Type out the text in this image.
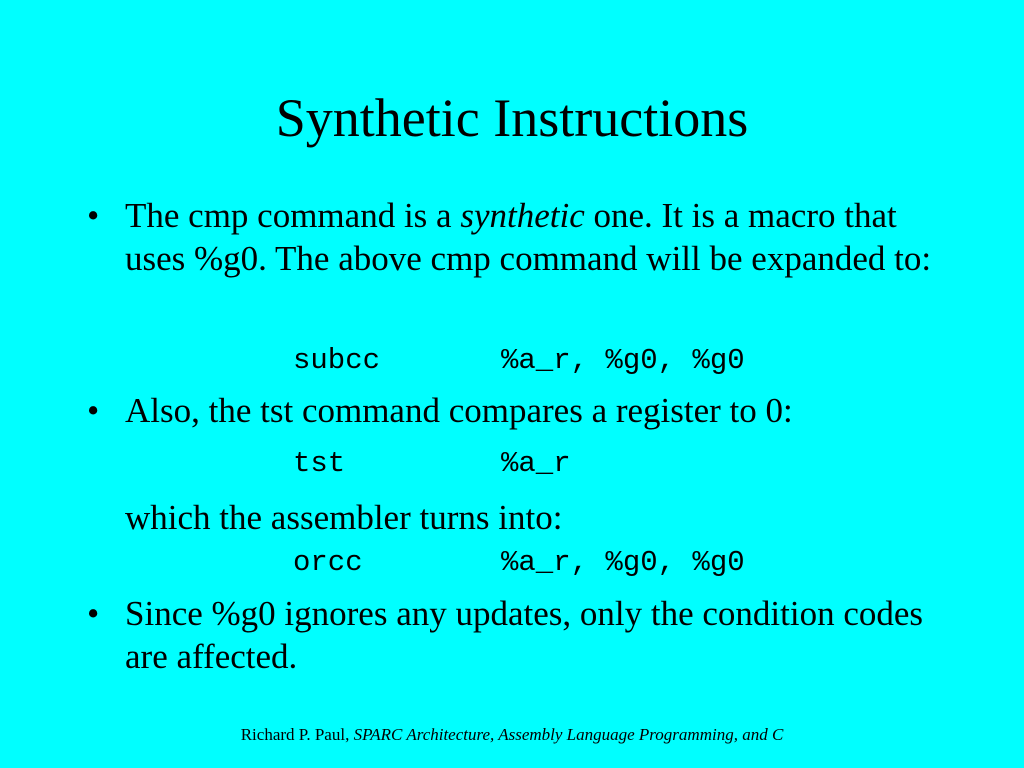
Synthetic Instructions
• The cmp command is a synthetic one. It is a macro that uses %g0. The above cmp command will be expanded to:
subcc	%a_r, %g0, %g0
• Also, the tst command compares a register to 0:
tst	%a_r
which the assembler turns into:
orcc	%a_r, %g0, %g0
• Since %g0 ignores any updates, only the condition codes are affected.
Richard P. Paul, SPARC Architecture, Assembly Language Programming, and C
